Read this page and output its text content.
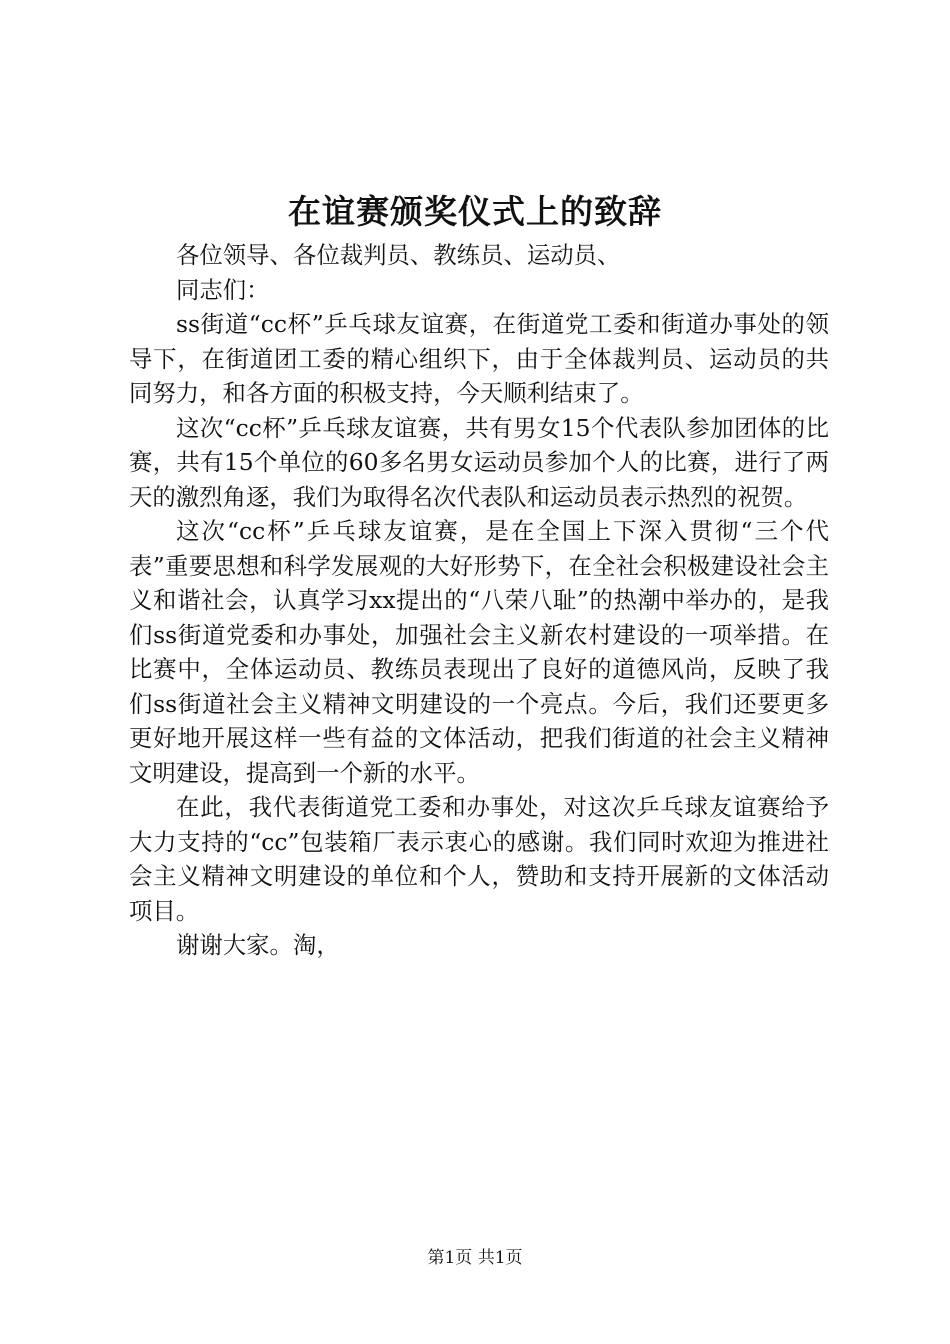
在谊赛颁奖仪式上的致辞

各位领导、各位裁判员、教练员、运动员、

同志们：

ss街道“cc杯”乒乓球友谊赛，在街道党工委和街道办事处的领导下，在街道团工委的精心组织下，由于全体裁判员、运动员的共同努力，和各方面的积极支持，今天顺利结束了。

这次“cc杯”乒乓球友谊赛，共有男女15个代表队参加团体的比赛，共有15个单位的60多名男女运动员参加个人的比赛，进行了两天的激烈角逐，我们为取得名次代表队和运动员表示热烈的祝贺。

这次“cc杯”乒乓球友谊赛，是在全国上下深入贯彻“三个代表”重要思想和科学发展观的大好形势下，在全社会积极建设社会主义和谐社会，认真学习xx提出的“八荣八耻”的热潮中举办的，是我们ss街道党委和办事处，加强社会主义新农村建设的一项举措。在比赛中，全体运动员、教练员表现出了良好的道德风尚，反映了我们ss街道社会主义精神文明建设的一个亮点。今后，我们还要更多更好地开展这样一些有益的文体活动，把我们街道的社会主义精神文明建设，提高到一个新的水平。

在此，我代表街道党工委和办事处，对这次乒乓球友谊赛给予大力支持的“cc”包装箱厂表示衷心的感谢。我们同时欢迎为推进社会主义精神文明建设的单位和个人，赞助和支持开展新的文体活动项目。

谢谢大家。淘，

第1页 共1页
